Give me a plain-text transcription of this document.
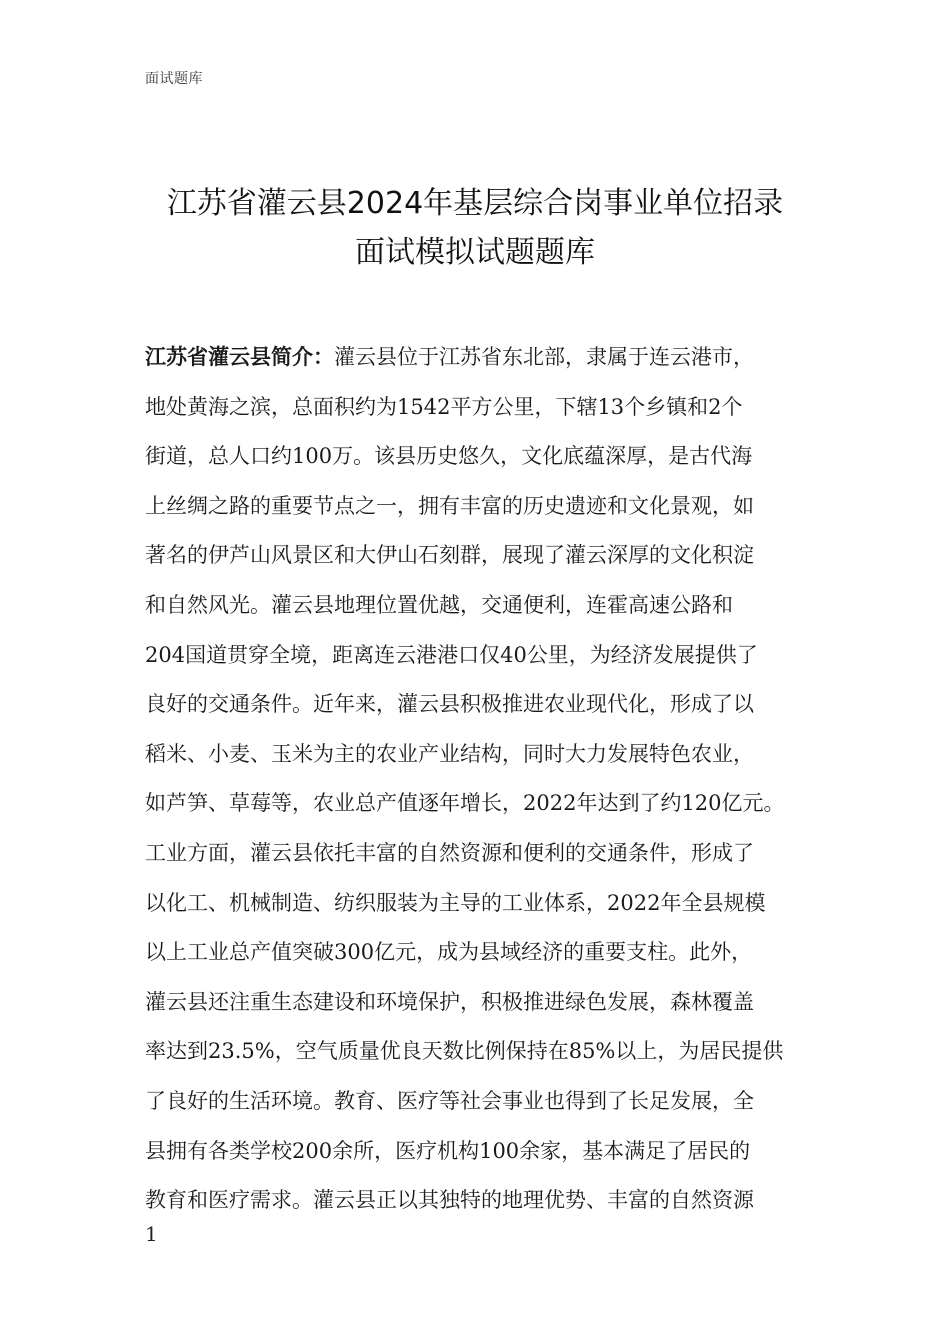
面试题库
江苏省灌云县2024年基层综合岗事业单位招录
面试模拟试题题库
江苏省灌云县简介：灌云县位于江苏省东北部，隶属于连云港市，
地处黄海之滨，总面积约为1542平方公里，下辖13个乡镇和2个
街道，总人口约100万。该县历史悠久，文化底蕴深厚，是古代海
上丝绸之路的重要节点之一，拥有丰富的历史遗迹和文化景观，如
著名的伊芦山风景区和大伊山石刻群，展现了灌云深厚的文化积淀
和自然风光。灌云县地理位置优越，交通便利，连霍高速公路和
204国道贯穿全境，距离连云港港口仅40公里，为经济发展提供了
良好的交通条件。近年来，灌云县积极推进农业现代化，形成了以
稻米、小麦、玉米为主的农业产业结构，同时大力发展特色农业，
如芦笋、草莓等，农业总产值逐年增长，2022年达到了约120亿元。
工业方面，灌云县依托丰富的自然资源和便利的交通条件，形成了
以化工、机械制造、纺织服装为主导的工业体系，2022年全县规模
以上工业总产值突破300亿元，成为县域经济的重要支柱。此外，
灌云县还注重生态建设和环境保护，积极推进绿色发展，森林覆盖
率达到23.5%，空气质量优良天数比例保持在85%以上，为居民提供
了良好的生活环境。教育、医疗等社会事业也得到了长足发展，全
县拥有各类学校200余所，医疗机构100余家，基本满足了居民的
教育和医疗需求。灌云县正以其独特的地理优势、丰富的自然资源
1
